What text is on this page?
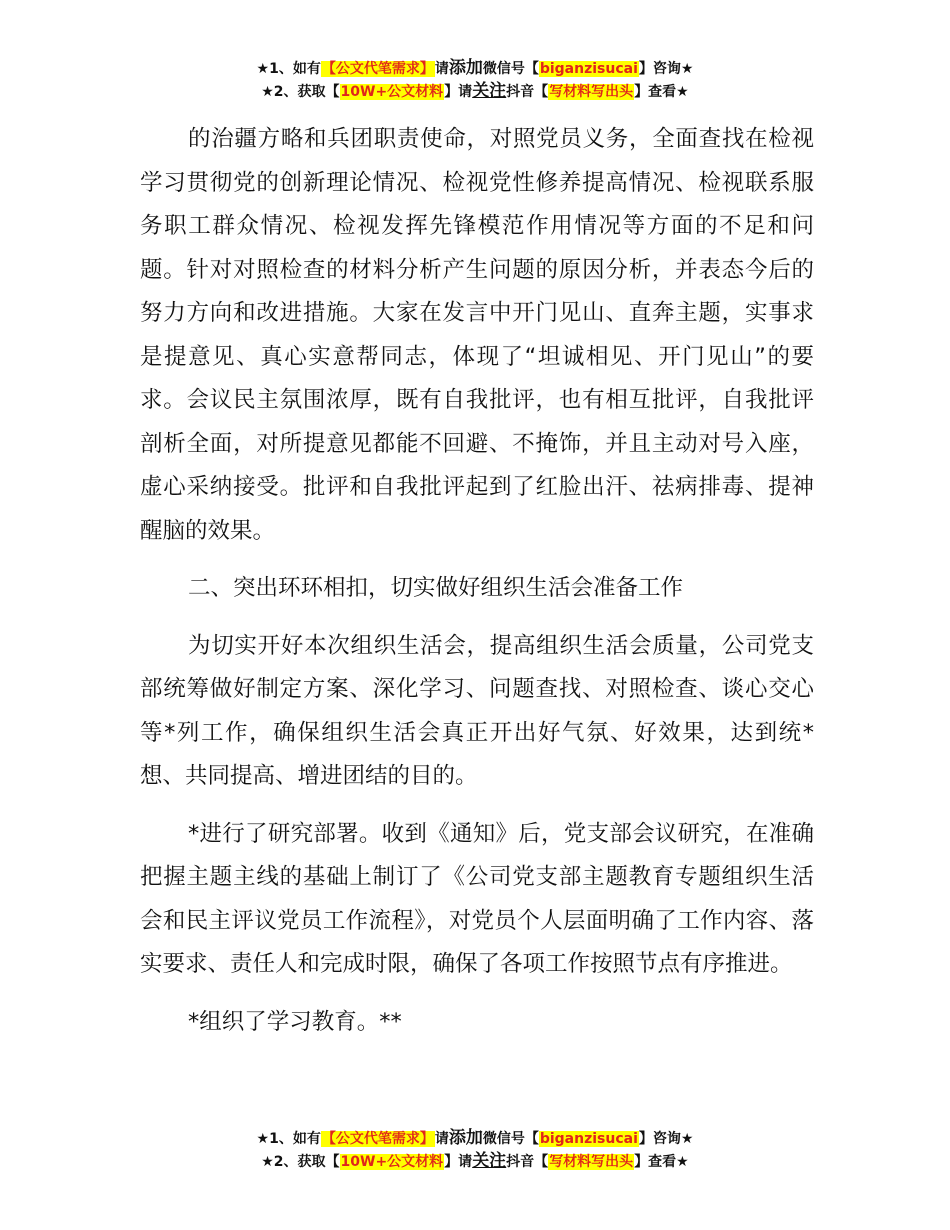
★1、如有【公文代笔需求】请添加微信号【biganzisucai】咨询★
★2、获取【10W+公文材料】请关注抖音【写材料写出头】查看★

的治疆方略和兵团职责使命，对照党员义务，全面查找在检视学习贯彻党的创新理论情况、检视党性修养提高情况、检视联系服务职工群众情况、检视发挥先锋模范作用情况等方面的不足和问题。针对对照检查的材料分析产生问题的原因分析，并表态今后的努力方向和改进措施。大家在发言中开门见山、直奔主题，实事求是提意见、真心实意帮同志，体现了“坦诚相见、开门见山”的要求。会议民主氛围浓厚，既有自我批评，也有相互批评，自我批评剖析全面，对所提意见都能不回避、不掩饰，并且主动对号入座，虚心采纳接受。批评和自我批评起到了红脸出汗、祛病排毒、提神醒脑的效果。

二、突出环环相扣，切实做好组织生活会准备工作

为切实开好本次组织生活会，提高组织生活会质量，公司党支部统筹做好制定方案、深化学习、问题查找、对照检查、谈心交心等*列工作，确保组织生活会真正开出好气氛、好效果，达到统*想、共同提高、增进团结的目的。

*进行了研究部署。收到《通知》后，党支部会议研究，在准确把握主题主线的基础上制订了《公司党支部主题教育专题组织生活会和民主评议党员工作流程》，对党员个人层面明确了工作内容、落实要求、责任人和完成时限，确保了各项工作按照节点有序推进。

*组织了学习教育。**

★1、如有【公文代笔需求】请添加微信号【biganzisucai】咨询★
★2、获取【10W+公文材料】请关注抖音【写材料写出头】查看★
